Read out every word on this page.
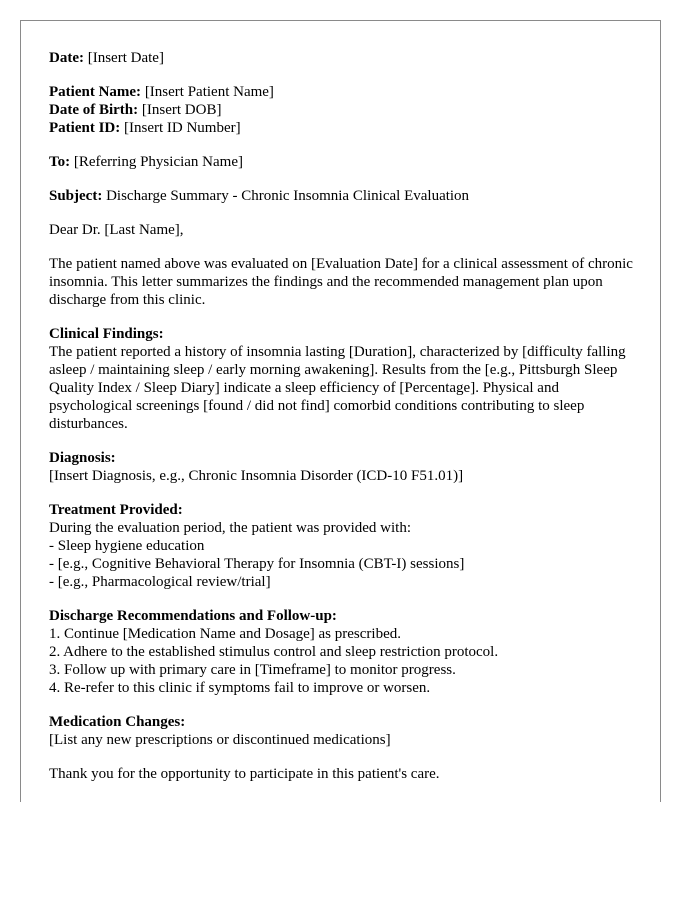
Date: [Insert Date]

Patient Name: [Insert Patient Name]
Date of Birth: [Insert DOB]
Patient ID: [Insert ID Number]

To: [Referring Physician Name]

Subject: Discharge Summary - Chronic Insomnia Clinical Evaluation

Dear Dr. [Last Name],

The patient named above was evaluated on [Evaluation Date] for a clinical assessment of chronic insomnia. This letter summarizes the findings and the recommended management plan upon discharge from this clinic.

Clinical Findings:
The patient reported a history of insomnia lasting [Duration], characterized by [difficulty falling asleep / maintaining sleep / early morning awakening]. Results from the [e.g., Pittsburgh Sleep Quality Index / Sleep Diary] indicate a sleep efficiency of [Percentage]. Physical and psychological screenings [found / did not find] comorbid conditions contributing to sleep disturbances.

Diagnosis:
[Insert Diagnosis, e.g., Chronic Insomnia Disorder (ICD-10 F51.01)]

Treatment Provided:
During the evaluation period, the patient was provided with:
- Sleep hygiene education
- [e.g., Cognitive Behavioral Therapy for Insomnia (CBT-I) sessions]
- [e.g., Pharmacological review/trial]

Discharge Recommendations and Follow-up:
1. Continue [Medication Name and Dosage] as prescribed.
2. Adhere to the established stimulus control and sleep restriction protocol.
3. Follow up with primary care in [Timeframe] to monitor progress.
4. Re-refer to this clinic if symptoms fail to improve or worsen.

Medication Changes:
[List any new prescriptions or discontinued medications]

Thank you for the opportunity to participate in this patient's care.
